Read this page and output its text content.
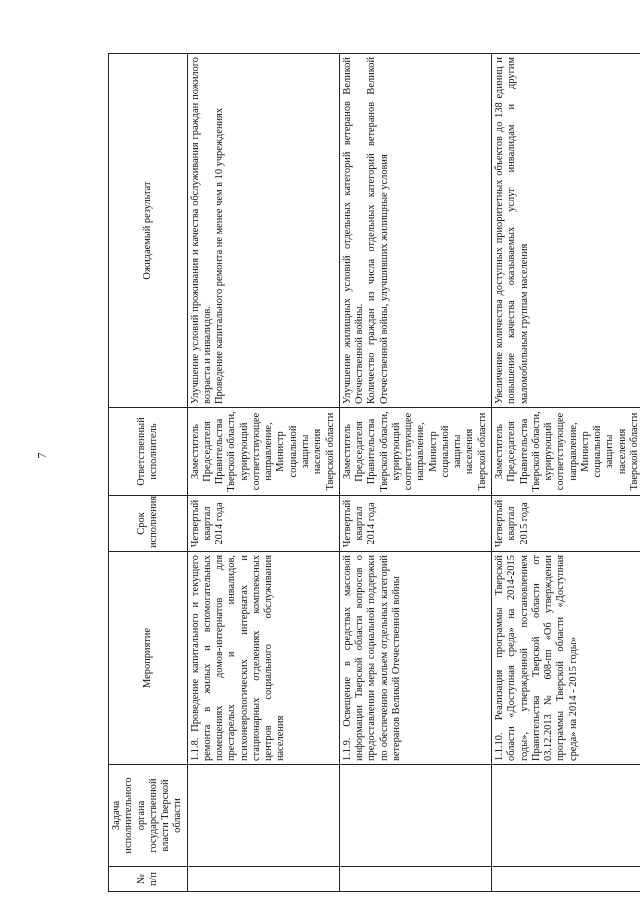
7
№ п/п	Задача исполнительного органа государственной власти Тверской области	Мероприятие	Срок исполнения	Ответственный исполнитель	Ожидаемый результат
		1.1.8. Проведение капитального и текущего ремонта в жилых и вспомогательных помещениях домов-интернатов для престарелых и инвалидов, психоневрологических интернатах и стационарных отделениях комплексных центров социального обслуживания населения	Четвертый квартал 2014 года	Заместитель Председателя Правительства Тверской области, курирующий соответствующее направление, Министр социальной защиты населения Тверской области	Улучшение условий проживания и качества обслуживания граждан пожилого возраста и инвалидов. Проведение капитального ремонта не менее чем в 10 учреждениях

		1.1.9. Освещение в средствах массовой информации Тверской области вопросов о предоставлении меры социальной поддержки по обеспечению жильем отдельных категорий ветеранов Великой Отечественной войны	Четвертый квартал 2014 года	Заместитель Председателя Правительства Тверской области, курирующий соответствующее направление, Министр социальной защиты населения Тверской области	Улучшение жилищных условий отдельных категорий ветеранов Великой Отечественной войны. Количество граждан из числа отдельных категорий ветеранов Великой Отечественной войны, улучшивших жилищные условия

		1.1.10. Реализация программы Тверской области «Доступная среда» на 2014-2015 годы», утвержденной постановлением Правительства Тверской области от 03.12.2013 № 608-пп «Об утверждении программы Тверской области «Доступная среда» на 2014 - 2015 годы»	Четвертый квартал 2015 года	Заместитель Председателя Правительства Тверской области, курирующий соответствующее направление, Министр социальной защиты населения Тверской области	Увеличение количества доступных приоритетных объектов до 138 единиц и повышение качества оказываемых услуг инвалидам и другим маломобильным группам населения
